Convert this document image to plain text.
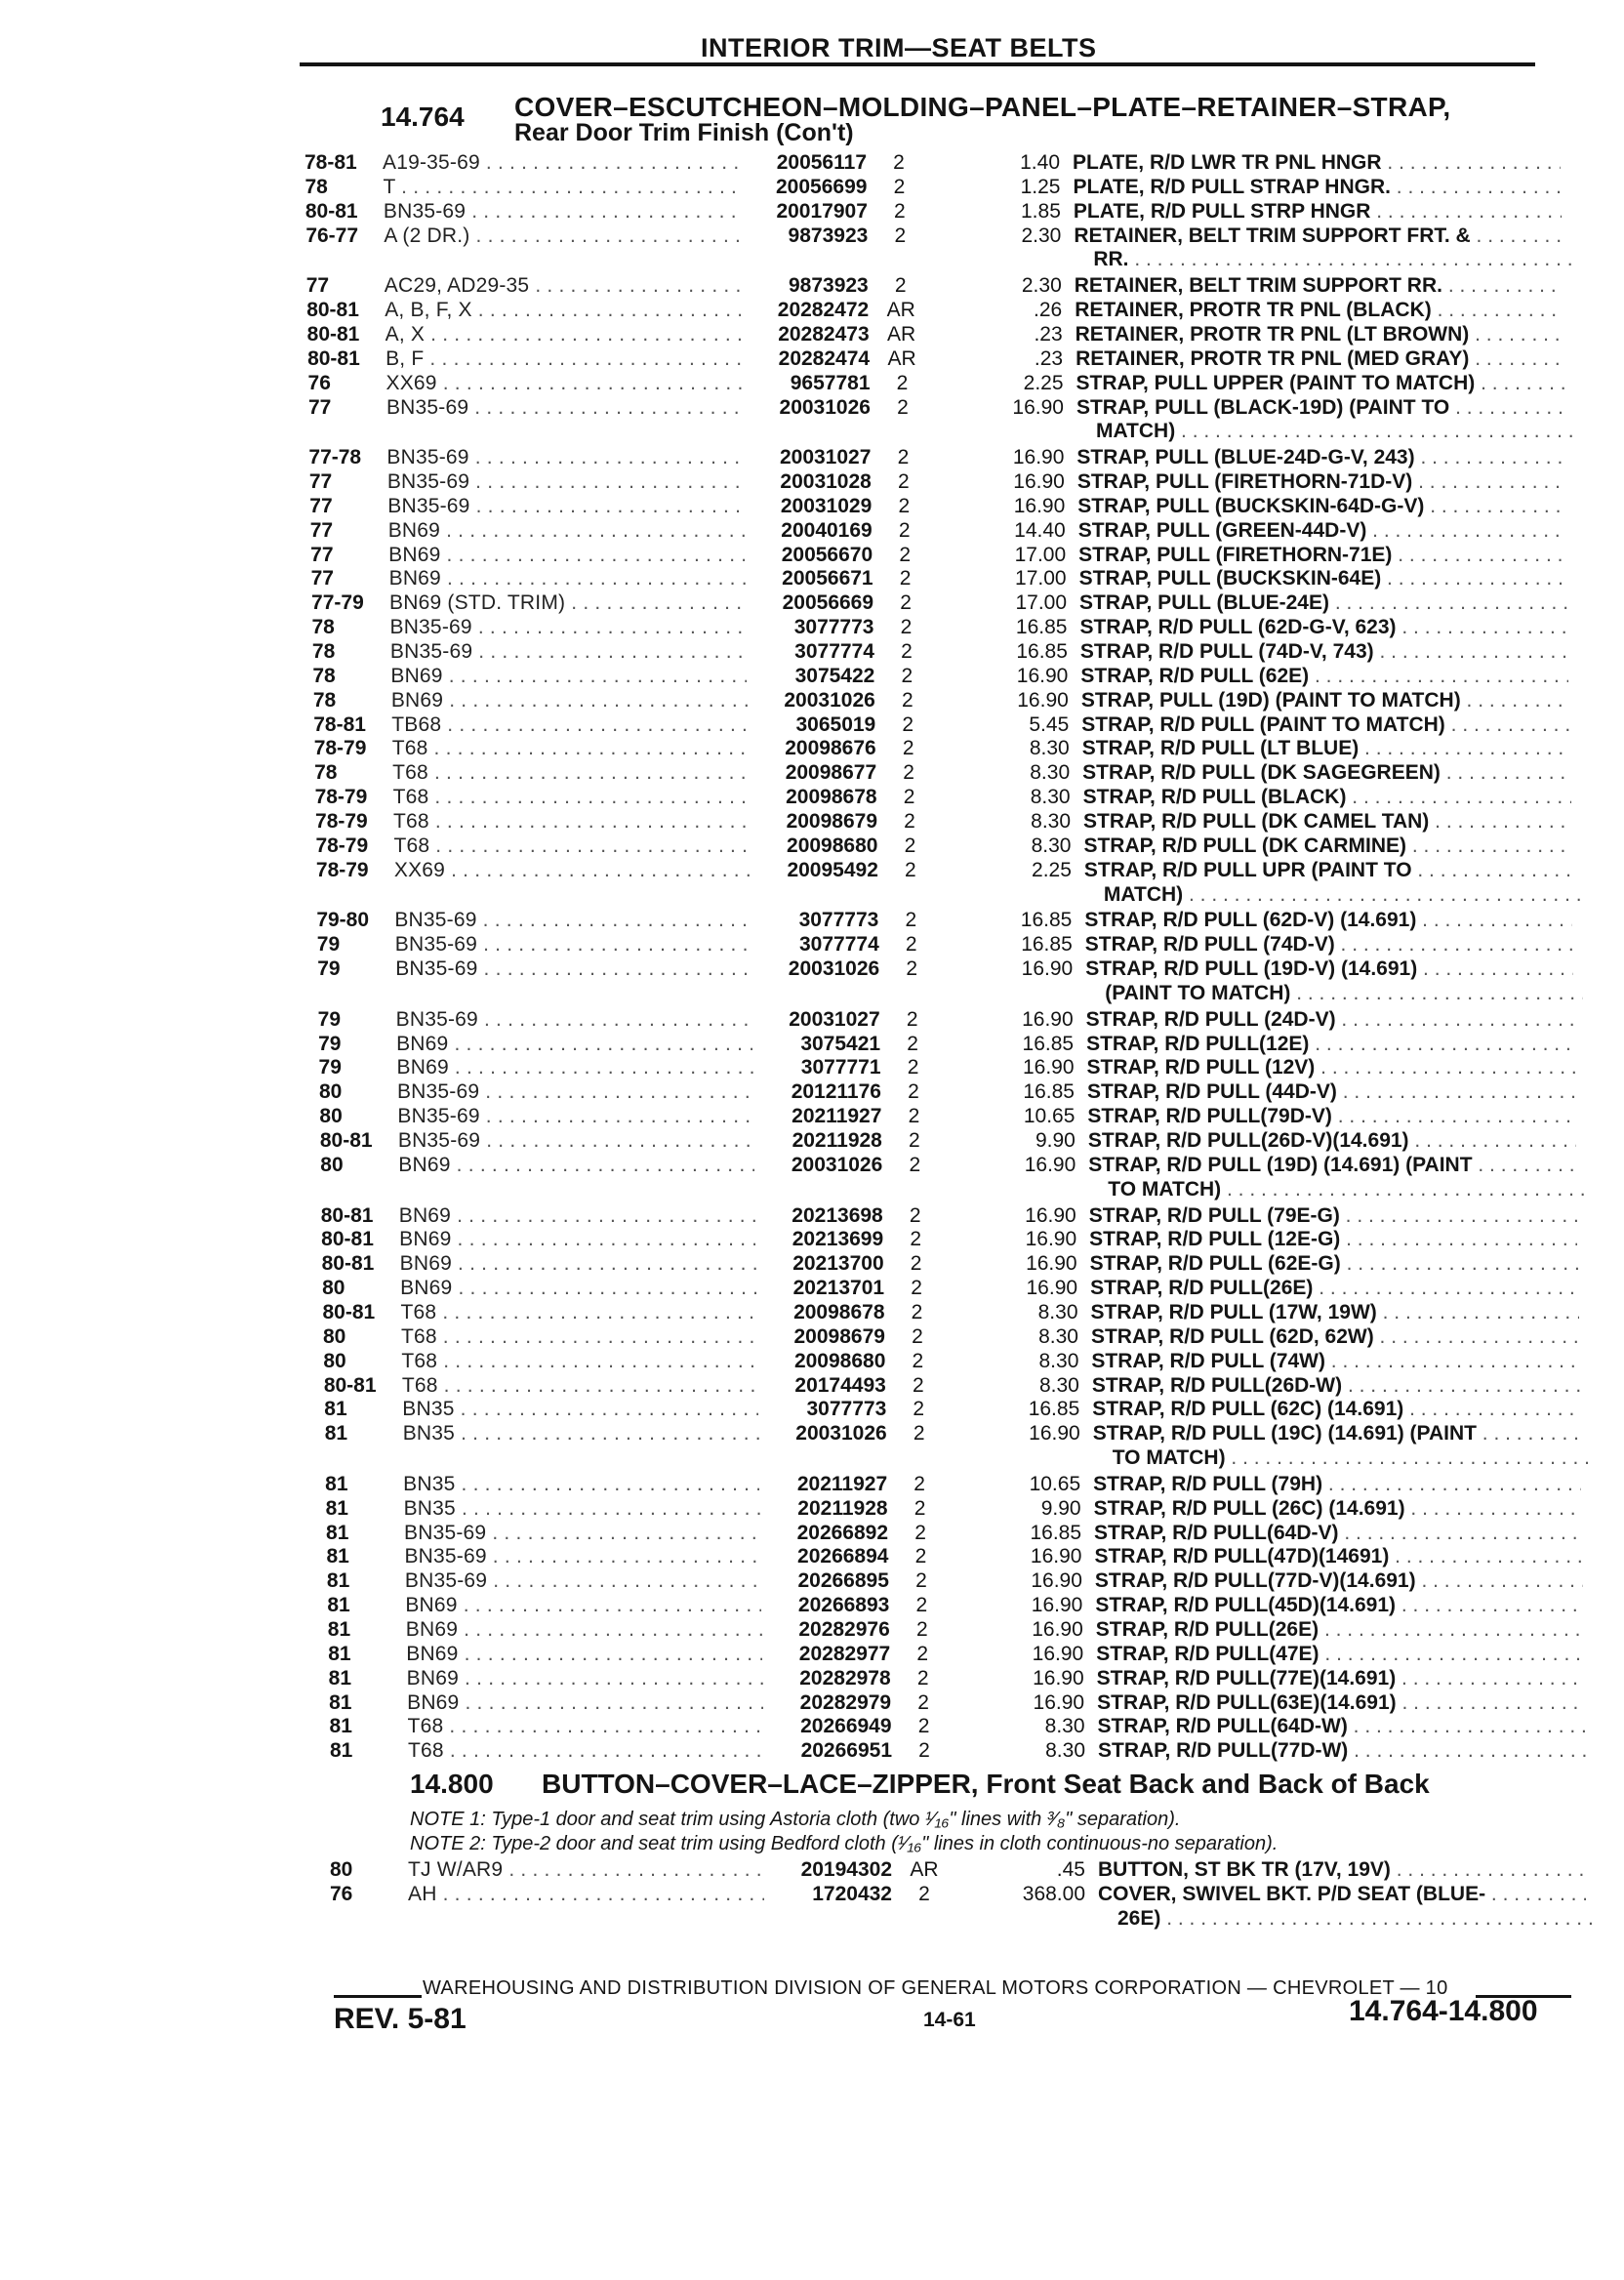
INTERIOR TRIM—SEAT BELTS
14.764 COVER–ESCUTCHEON–MOLDING–PANEL–PLATE–RETAINER–STRAP,
Rear Door Trim Finish (Con't)
78-81 A19-35-69 . . .	20056117	2	1.40 PLATE, R/D LWR TR PNL HNGR . . .
78	T . . .	20056699	2	1.25 PLATE, R/D PULL STRAP HNGR. . . .
80-81 BN35-69 . . .	20017907	2	1.85 PLATE, R/D PULL STRP HNGR . . .
76-77 A (2 DR.) . . .	9873923	2	2.30 RETAINER, BELT TRIM SUPPORT FRT. & . . .
RR. . . .
77	AC29, AD29-35 . . .	9873923	2	2.30 RETAINER, BELT TRIM SUPPORT RR. . . .
80-81 A, B, F, X . . .	20282472 AR	.26 RETAINER, PROTR TR PNL (BLACK) . . .
80-81 A, X . . .	20282473 AR	.23 RETAINER, PROTR TR PNL (LT BROWN) . . .
80-81 B, F . . .	20282474 AR	.23 RETAINER, PROTR TR PNL (MED GRAY) . . .
76	XX69 . . .	9657781	2	2.25 STRAP, PULL UPPER (PAINT TO MATCH) . . .
77	BN35-69 . . .	20031026	2	16.90 STRAP, PULL (BLACK-19D) (PAINT TO . . .
MATCH) . . .
77-78 BN35-69 . . .	20031027	2	16.90 STRAP, PULL (BLUE-24D-G-V, 243) . . .
77	BN35-69 . . .	20031028	2	16.90 STRAP, PULL (FIRETHORN-71D-V) . . .
77	BN35-69 . . .	20031029	2	16.90 STRAP, PULL (BUCKSKIN-64D-G-V) . . .
77	BN69 . . .	20040169	2	14.40 STRAP, PULL (GREEN-44D-V) . . .
77	BN69 . . .	20056670	2	17.00 STRAP, PULL (FIRETHORN-71E) . . .
77	BN69 . . .	20056671	2	17.00 STRAP, PULL (BUCKSKIN-64E) . . .
77-79 BN69 (STD. TRIM) . . .	20056669	2	17.00 STRAP, PULL (BLUE-24E) . . .
78	BN35-69 . . .	3077773	2	16.85 STRAP, R/D PULL (62D-G-V, 623) . . .
78	BN35-69 . . .	3077774	2	16.85 STRAP, R/D PULL (74D-V, 743) . . .
78	BN69 . . .	3075422	2	16.90 STRAP, R/D PULL (62E) . . .
78	BN69 . . .	20031026	2	16.90 STRAP, PULL (19D) (PAINT TO MATCH) . . .
78-81 TB68 . . .	3065019	2	5.45 STRAP, R/D PULL (PAINT TO MATCH) . . .
78-79 T68 . . .	20098676	2	8.30 STRAP, R/D PULL (LT BLUE) . . .
78	T68 . . .	20098677	2	8.30 STRAP, R/D PULL (DK SAGEGREEN) . . .
78-79 T68 . . .	20098678	2	8.30 STRAP, R/D PULL (BLACK) . . .
78-79 T68 . . .	20098679	2	8.30 STRAP, R/D PULL (DK CAMEL TAN) . . .
78-79 T68 . . .	20098680	2	8.30 STRAP, R/D PULL (DK CARMINE) . . .
78-79 XX69 . . .	20095492	2	2.25 STRAP, R/D PULL UPR (PAINT TO . . .
MATCH) . . .
79-80 BN35-69 . . .	3077773	2	16.85 STRAP, R/D PULL (62D-V) (14.691) . . .
79	BN35-69 . . .	3077774	2	16.85 STRAP, R/D PULL (74D-V) . . .
79	BN35-69 . . .	20031026	2	16.90 STRAP, R/D PULL (19D-V) (14.691) . . .
(PAINT TO MATCH) . . .
79	BN35-69 . . .	20031027	2	16.90 STRAP, R/D PULL (24D-V) . . .
79	BN69 . . .	3075421	2	16.85 STRAP, R/D PULL(12E) . . .
79	BN69 . . .	3077771	2	16.90 STRAP, R/D PULL (12V) . . .
80	BN35-69 . . .	20121176	2	16.85 STRAP, R/D PULL (44D-V) . . .
80	BN35-69 . . .	20211927	2	10.65 STRAP, R/D PULL(79D-V) . . .
80-81 BN35-69 . . .	20211928	2	9.90 STRAP, R/D PULL(26D-V)(14.691) . . .
80	BN69 . . .	20031026	2	16.90 STRAP, R/D PULL (19D) (14.691) (PAINT . . .
TO MATCH) . . .
80-81 BN69 . . .	20213698	2	16.90 STRAP, R/D PULL (79E-G) . . .
80-81 BN69 . . .	20213699	2	16.90 STRAP, R/D PULL (12E-G) . . .
80-81 BN69 . . .	20213700	2	16.90 STRAP, R/D PULL (62E-G) . . .
80	BN69 . . .	20213701	2	16.90 STRAP, R/D PULL(26E) . . .
80-81 T68 . . .	20098678	2	8.30 STRAP, R/D PULL (17W, 19W) . . .
80	T68 . . .	20098679	2	8.30 STRAP, R/D PULL (62D, 62W) . . .
80	T68 . . .	20098680	2	8.30 STRAP, R/D PULL (74W) . . .
80-81 T68 . . .	20174493	2	8.30 STRAP, R/D PULL(26D-W) . . .
81	BN35 . . .	3077773	2	16.85 STRAP, R/D PULL (62C) (14.691) . . .
81	BN35 . . .	20031026	2	16.90 STRAP, R/D PULL (19C) (14.691) (PAINT . . .
TO MATCH) . . .
81	BN35 . . .	20211927	2	10.65 STRAP, R/D PULL (79H) . . .
81	BN35 . . .	20211928	2	9.90 STRAP, R/D PULL (26C) (14.691) . . .
81	BN35-69 . . .	20266892	2	16.85 STRAP, R/D PULL(64D-V) . . .
81	BN35-69 . . .	20266894	2	16.90 STRAP, R/D PULL(47D)(14691) . . .
81	BN35-69 . . .	20266895	2	16.90 STRAP, R/D PULL(77D-V)(14.691) . . .
81	BN69 . . .	20266893	2	16.90 STRAP, R/D PULL(45D)(14.691) . . .
81	BN69 . . .	20282976	2	16.90 STRAP, R/D PULL(26E) . . .
81	BN69 . . .	20282977	2	16.90 STRAP, R/D PULL(47E) . . .
81	BN69 . . .	20282978	2	16.90 STRAP, R/D PULL(77E)(14.691) . . .
81	BN69 . . .	20282979	2	16.90 STRAP, R/D PULL(63E)(14.691) . . .
81	T68 . . .	20266949	2	8.30 STRAP, R/D PULL(64D-W) . . .
81	T68 . . .	20266951	2	8.30 STRAP, R/D PULL(77D-W) . . .
14.800 BUTTON–COVER–LACE–ZIPPER, Front Seat Back and Back of Back
NOTE 1: Type-1 door and seat trim using Astoria cloth (two ¹⁄₁₆" lines with ³⁄₈" separation).
NOTE 2: Type-2 door and seat trim using Bedford cloth (¹⁄₁₆" lines in cloth continuous-no separation).
80	TJ W/AR9 . . .	20194302 AR	.45 BUTTON, ST BK TR (17V, 19V) . . .
76	AH . . .	1720432	2	368.00 COVER, SWIVEL BKT. P/D SEAT (BLUE- . . .
26E) . . .
WAREHOUSING AND DISTRIBUTION DIVISION OF GENERAL MOTORS CORPORATION — CHEVROLET — 10
REV. 5-81	14-61	14.764-14.800
